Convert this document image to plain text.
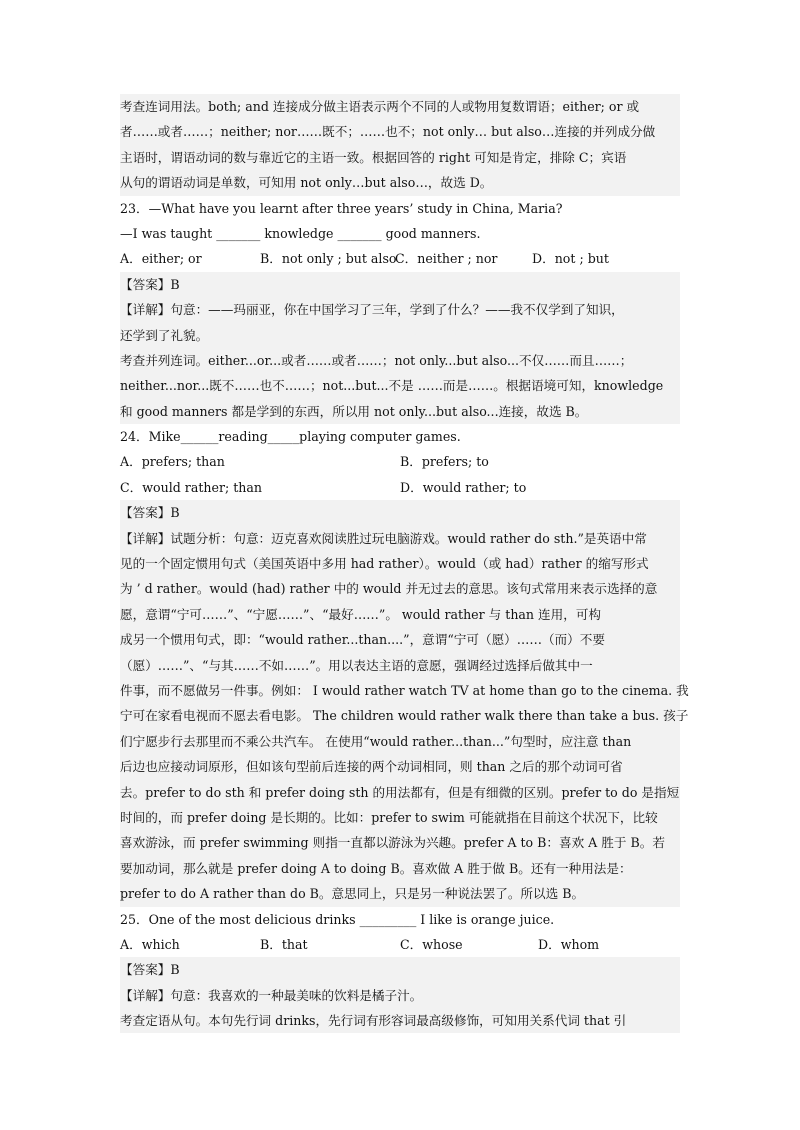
考查连词用法。both; and 连接成分做主语表示两个不同的人或物用复数谓语；either; or 或
者……或者……；neither; nor……既不；……也不；not only… but also…连接的并列成分做
主语时，谓语动词的数与靠近它的主语一致。根据回答的 right 可知是肯定，排除 C；宾语
从句的谓语动词是单数，可知用 not only…but also…，故选 D。
23．—What have you learnt after three years’ study in China, Maria?
—I was taught _______ knowledge _______ good manners.
A．either; or	B．not only ; but also
C．neither ; nor	D．not ; but
【答案】B
【详解】句意：——玛丽亚，你在中国学习了三年，学到了什么？——我不仅学到了知识，
还学到了礼貌。
考查并列连词。either...or...或者……或者……；not only...but also...不仅……而且……；
neither...nor...既不……也不……；not...but...不是 ……而是……。根据语境可知，knowledge
和 good manners 都是学到的东西，所以用 not only...but also...连接，故选 B。
24．Mike______reading_____playing computer games.
A．prefers; than	B．prefers; to
C．would rather; than	D．would rather; to
【答案】B
【详解】试题分析：句意：迈克喜欢阅读胜过玩电脑游戏。would rather do sth.”是英语中常
见的一个固定惯用句式（美国英语中多用 had rather）。would（或 had）rather 的缩写形式
为 ’ d rather。would (had) rather 中的 would 并无过去的意思。该句式常用来表示选择的意
愿，意谓“宁可……”、“宁愿……”、“最好……”。 would rather 与 than 连用，可构
成另一个惯用句式，即：“would rather...than....”，意谓“宁可（愿）……（而）不要
（愿）……”、“与其……不如……”。用以表达主语的意愿，强调经过选择后做其中一
件事，而不愿做另一件事。例如： I would rather watch TV at home than go to the cinema. 我
宁可在家看电视而不愿去看电影。 The children would rather walk there than take a bus. 孩子
们宁愿步行去那里而不乘公共汽车。 在使用“would rather...than...”句型时，应注意 than
后边也应接动词原形，但如该句型前后连接的两个动词相同，则 than 之后的那个动词可省
去。prefer to do sth 和 prefer doing sth 的用法都有，但是有细微的区别。prefer to do 是指短
时间的，而 prefer doing 是长期的。比如：prefer to swim 可能就指在目前这个状况下，比较
喜欢游泳，而 prefer swimming 则指一直都以游泳为兴趣。prefer A to B：喜欢 A 胜于 B。若
要加动词，那么就是 prefer doing A to doing B。喜欢做 A 胜于做 B。还有一种用法是：
prefer to do A rather than do B。意思同上，只是另一种说法罢了。所以选 B。
25．One of the most delicious drinks _________ I like is orange juice.
A．which	B．that	C．whose	D．whom
【答案】B
【详解】句意：我喜欢的一种最美味的饮料是橘子汁。
考查定语从句。本句先行词 drinks，先行词有形容词最高级修饰，可知用关系代词 that 引
